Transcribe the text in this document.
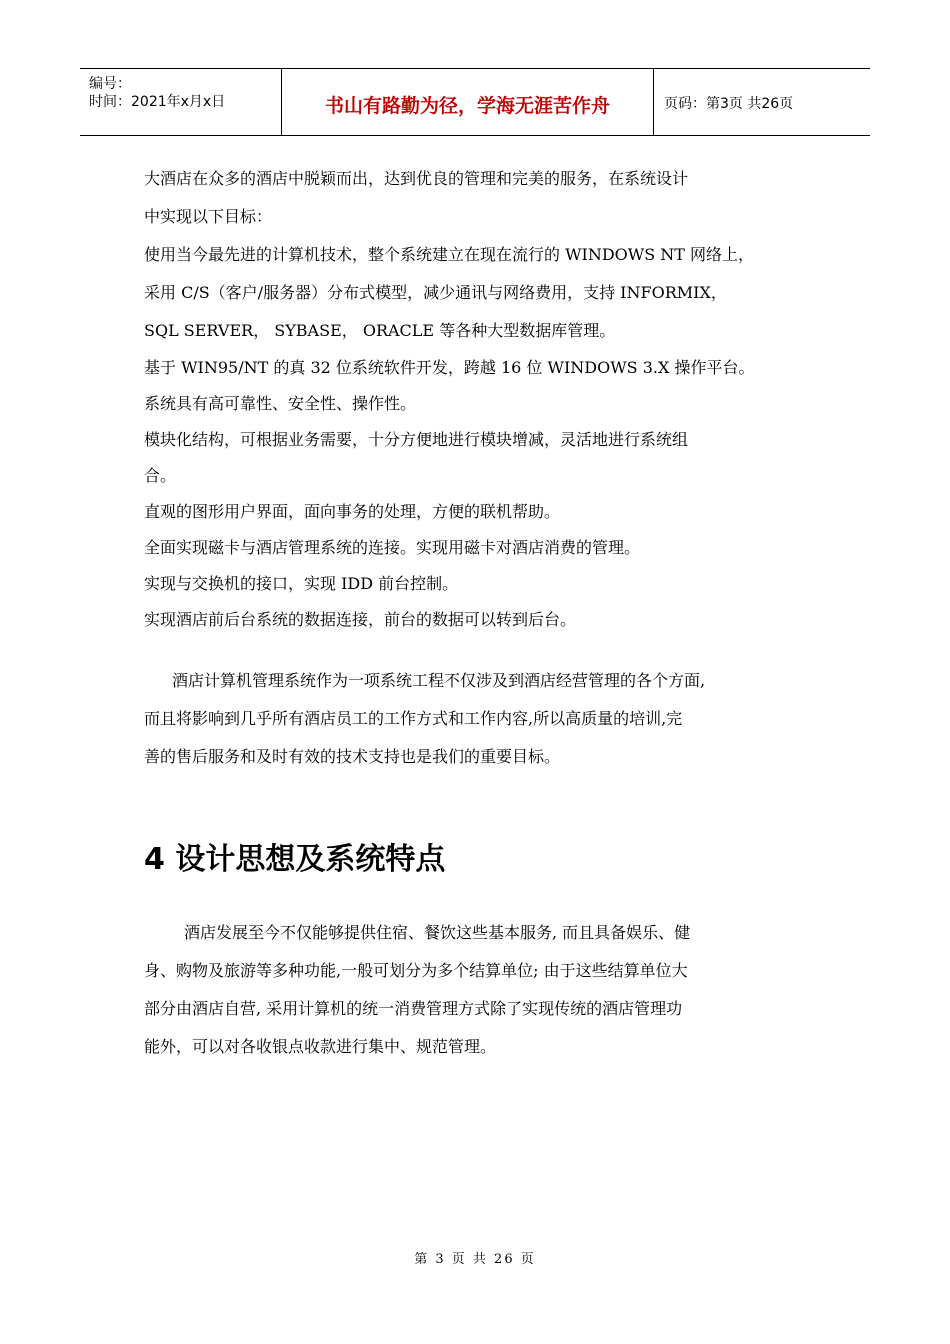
编号：
时间：2021年x月x日	书山有路勤为径，学海无涯苦作舟	页码：第3页 共26页
大酒店在众多的酒店中脱颖而出，达到优良的管理和完美的服务，在系统设计
中实现以下目标：
使用当今最先进的计算机技术，整个系统建立在现在流行的 WINDOWS NT 网络上，
采用 C/S（客户/服务器）分布式模型，减少通讯与网络费用，支持 INFORMIX，
SQL SERVER， SYBASE， ORACLE 等各种大型数据库管理。
基于 WIN95/NT 的真 32 位系统软件开发，跨越 16 位 WINDOWS 3.X 操作平台。
系统具有高可靠性、安全性、操作性。
模块化结构，可根据业务需要，十分方便地进行模块增减，灵活地进行系统组
合。
直观的图形用户界面，面向事务的处理，方便的联机帮助。
全面实现磁卡与酒店管理系统的连接。实现用磁卡对酒店消费的管理。
实现与交换机的接口，实现 IDD 前台控制。
实现酒店前后台系统的数据连接，前台的数据可以转到后台。
酒店计算机管理系统作为一项系统工程不仅涉及到酒店经营管理的各个方面,
而且将影响到几乎所有酒店员工的工作方式和工作内容,所以高质量的培训,完
善的售后服务和及时有效的技术支持也是我们的重要目标。
4 设计思想及系统特点
酒店发展至今不仅能够提供住宿、餐饮这些基本服务, 而且具备娱乐、健
身、购物及旅游等多种功能,一般可划分为多个结算单位; 由于这些结算单位大
部分由酒店自营, 采用计算机的统一消费管理方式除了实现传统的酒店管理功
能外，可以对各收银点收款进行集中、规范管理。
第 3 页 共 26 页
